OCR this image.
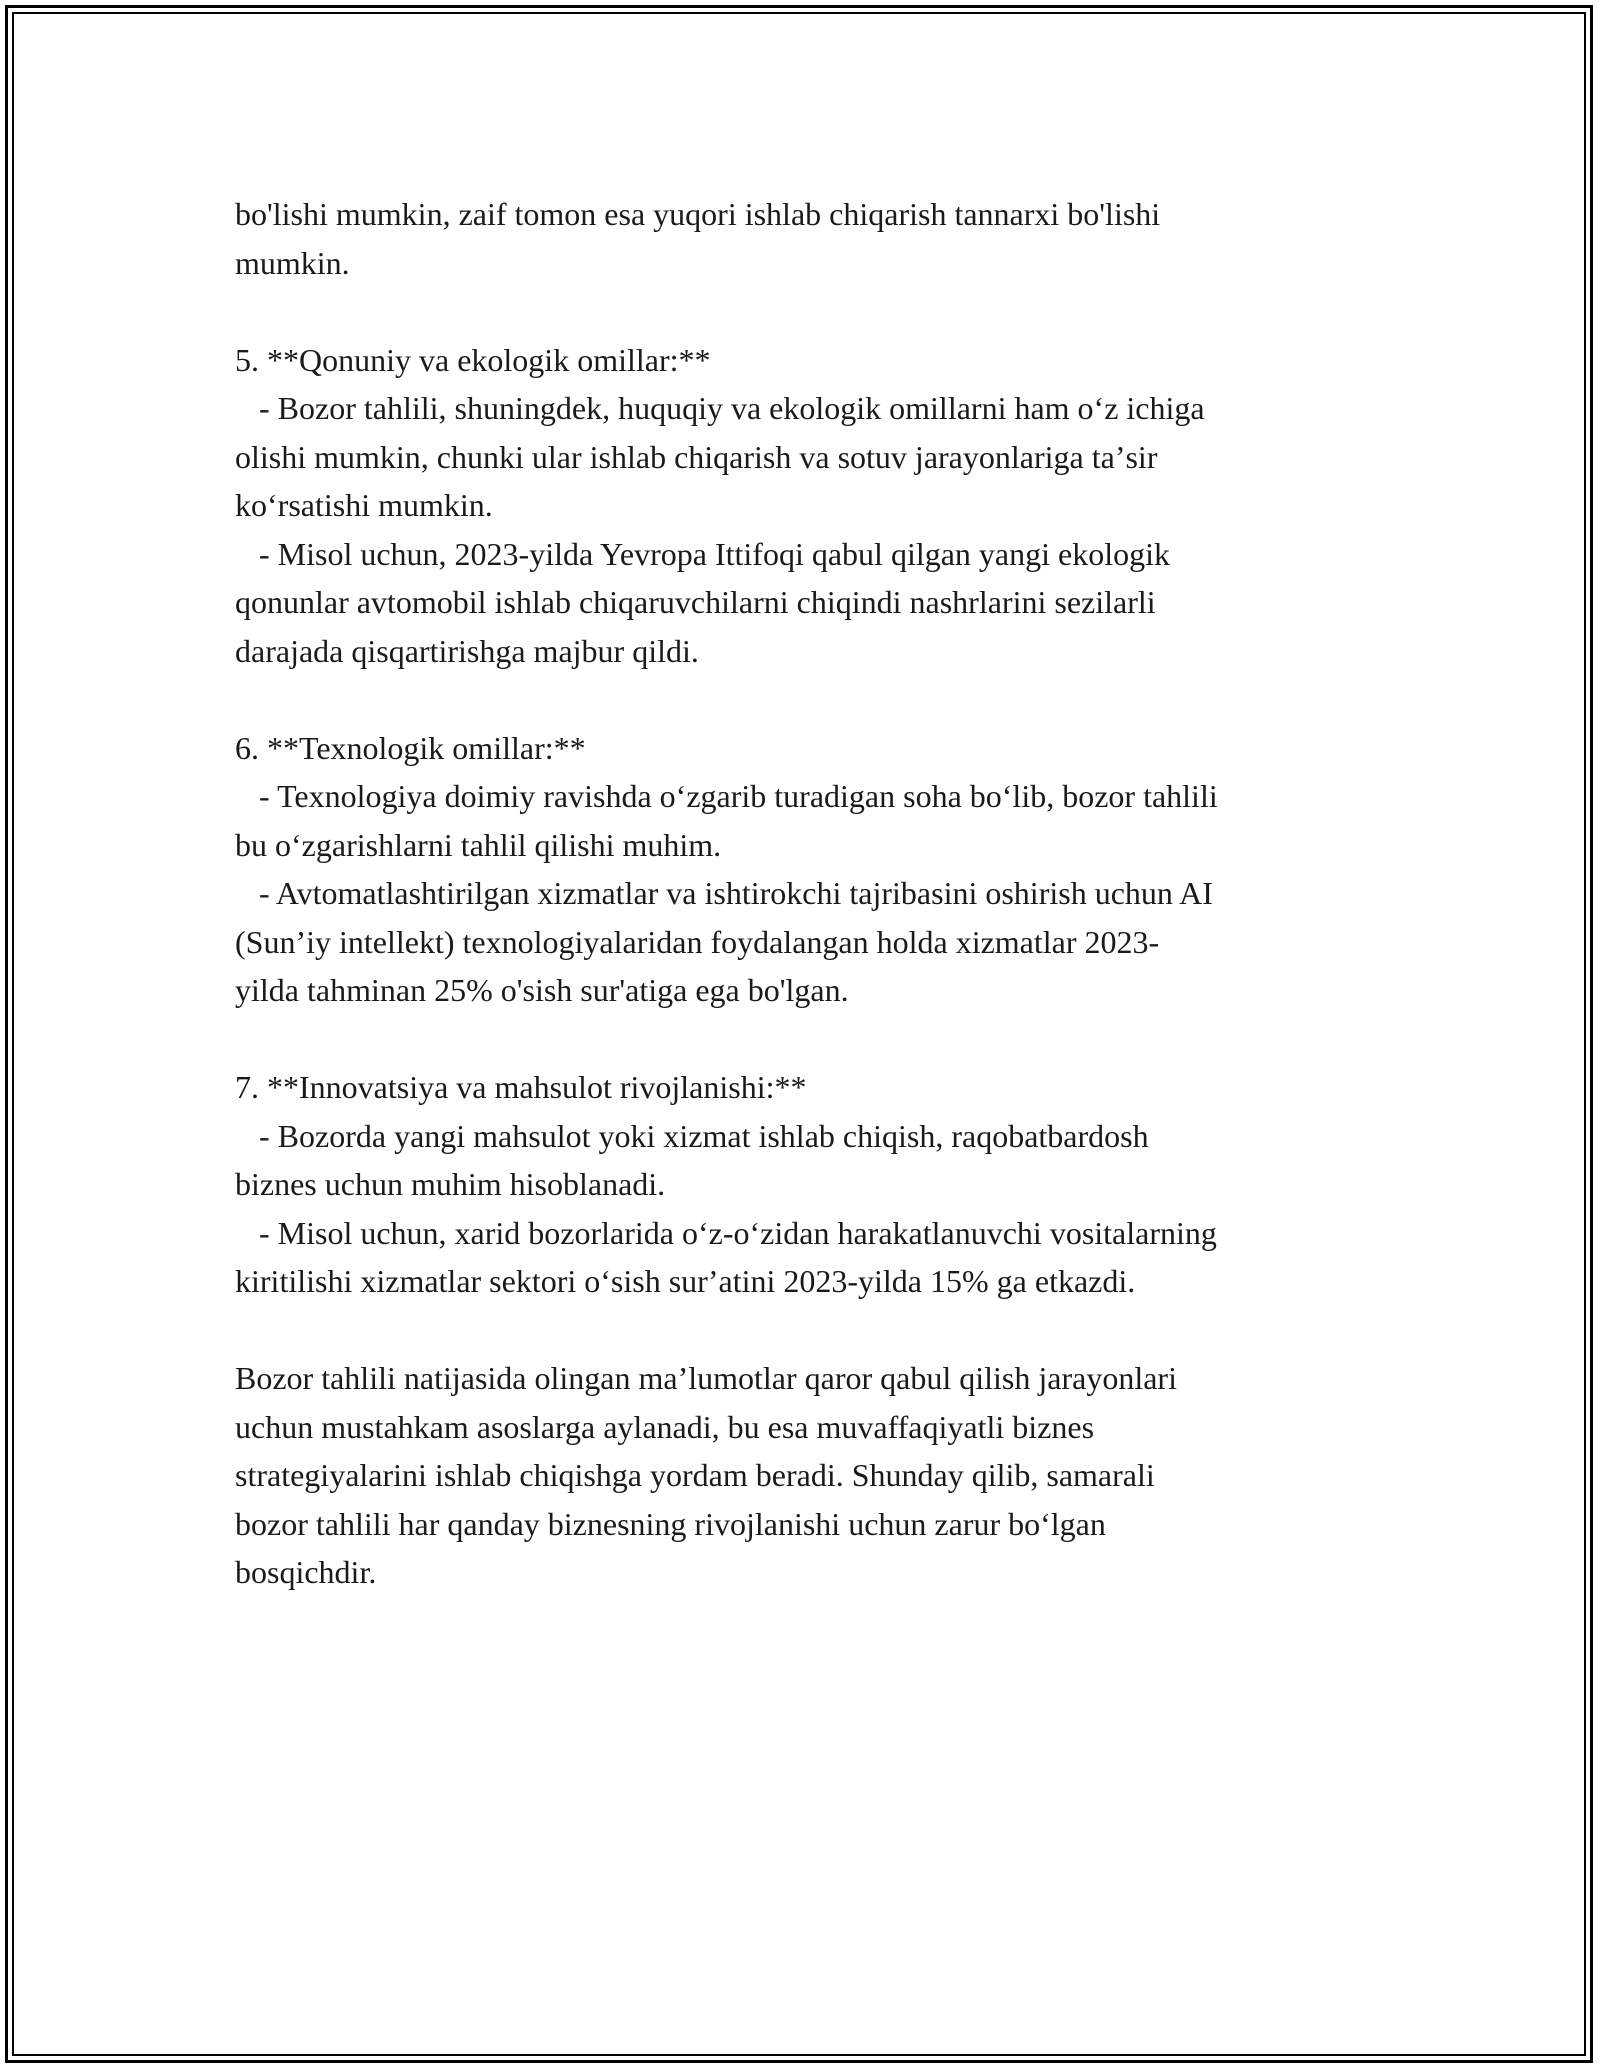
bo'lishi mumkin, zaif tomon esa yuqori ishlab chiqarish tannarxi bo'lishi

mumkin.

5. **Qonuniy va ekologik omillar:**

- Bozor tahlili, shuningdek, huquqiy va ekologik omillarni ham oʻz ichiga

olishi mumkin, chunki ular ishlab chiqarish va sotuv jarayonlariga taʼsir

koʻrsatishi mumkin.

- Misol uchun, 2023-yilda Yevropa Ittifoqi qabul qilgan yangi ekologik

qonunlar avtomobil ishlab chiqaruvchilarni chiqindi nashrlarini sezilarli

darajada qisqartirishga majbur qildi.

6. **Texnologik omillar:**

- Texnologiya doimiy ravishda oʻzgarib turadigan soha boʻlib, bozor tahlili

bu oʻzgarishlarni tahlil qilishi muhim.

- Avtomatlashtirilgan xizmatlar va ishtirokchi tajribasini oshirish uchun AI

(Sun’iy intellekt) texnologiyalaridan foydalangan holda xizmatlar 2023-

yilda tahminan 25% o'sish sur'atiga ega bo'lgan.

7. **Innovatsiya va mahsulot rivojlanishi:**

- Bozorda yangi mahsulot yoki xizmat ishlab chiqish, raqobatbardosh

biznes uchun muhim hisoblanadi.

- Misol uchun, xarid bozorlarida oʻz-oʻzidan harakatlanuvchi vositalarning

kiritilishi xizmatlar sektori oʻsish surʼatini 2023-yilda 15% ga etkazdi.

Bozor tahlili natijasida olingan maʼlumotlar qaror qabul qilish jarayonlari

uchun mustahkam asoslarga aylanadi, bu esa muvaffaqiyatli biznes

strategiyalarini ishlab chiqishga yordam beradi. Shunday qilib, samarali

bozor tahlili har qanday biznesning rivojlanishi uchun zarur boʻlgan

bosqichdir.
